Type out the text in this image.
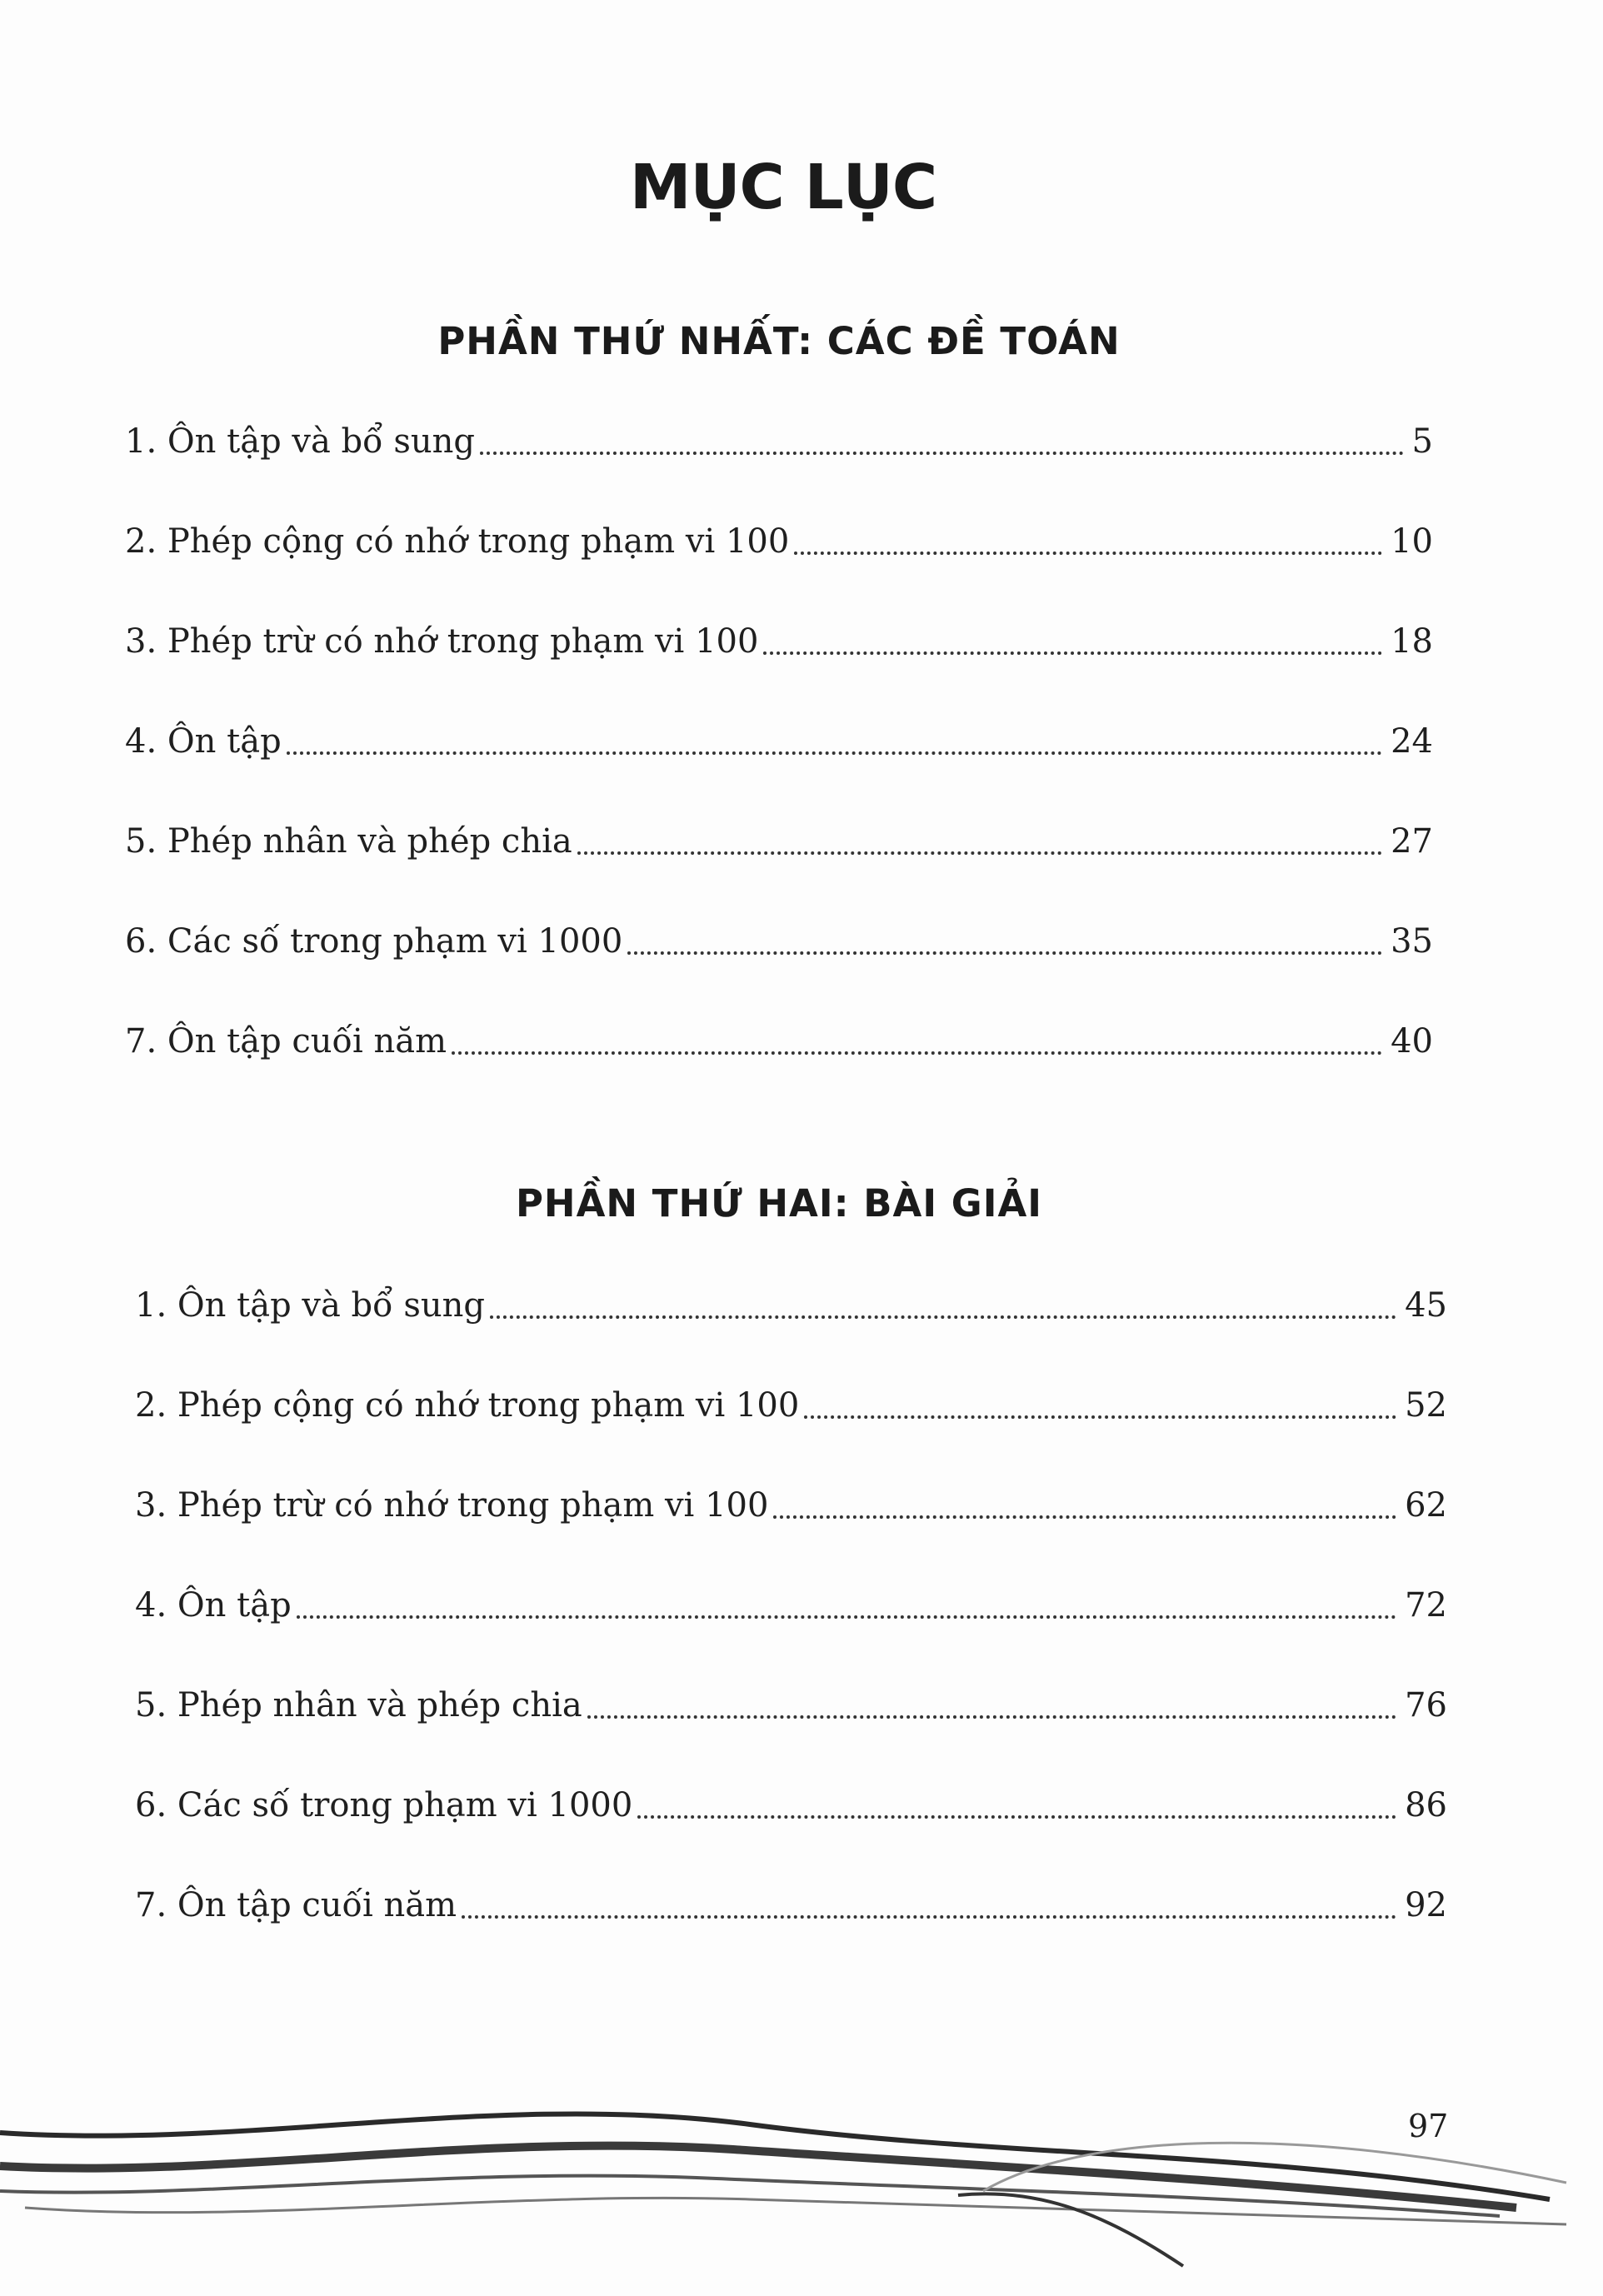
MỤC LỤC
PHẦN THỨ NHẤT: CÁC ĐỀ TOÁN
1. Ôn tập và bổ sung	5
2. Phép cộng có nhớ trong phạm vi 100	10
3. Phép trừ có nhớ trong phạm vi 100	18
4. Ôn tập	24
5. Phép nhân và phép chia	27
6. Các số trong phạm vi 1000	35
7. Ôn tập cuối năm	40
PHẦN THỨ HAI: BÀI GIẢI
1. Ôn tập và bổ sung	45
2. Phép cộng có nhớ trong phạm vi 100	52
3. Phép trừ có nhớ trong phạm vi 100	62
4. Ôn tập	72
5. Phép nhân và phép chia	76
6. Các số trong phạm vi 1000	86
7. Ôn tập cuối năm	92
97
